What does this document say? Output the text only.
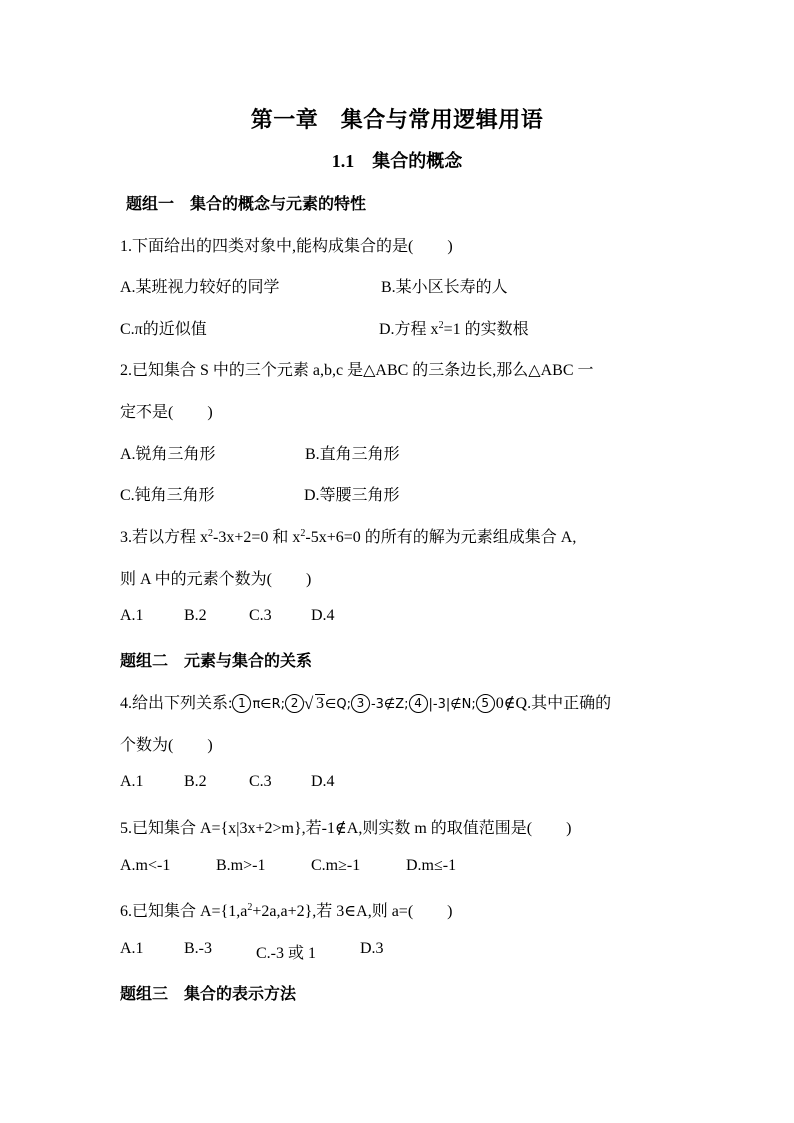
第一章　集合与常用逻辑用语
1.1　集合的概念
题组一　集合的概念与元素的特性
1.下面给出的四类对象中,能构成集合的是( )
A.某班视力较好的同学	B.某小区长寿的人
C.π的近似值	D.方程 $x^2=1$ 的实数根
2.已知集合 S 中的三个元素 a,b,c 是△ABC 的三条边长,那么△ABC 一
定不是( )
A.锐角三角形	B.直角三角形
C.钝角三角形	D.等腰三角形
3.若以方程 $x^2-3x+2=0$ 和 $x^2-5x+6=0$ 的所有的解为元素组成集合 A,
则 A 中的元素个数为( )
A.1	B.2	C.3 D.4
题组二　元素与集合的关系
4.给出下列关系: 1 π∈R; 2√ 3∈Q; 3 -3∉Z; 4 |-3|∉N; 5 0∉Q.其中正确的
个数为( )
A.1	B.2	C.3 D.4
5.已知集合 A={x|3x+2>m},若-1∉A,则实数 m 的取值范围是( )
A.m<-1	B.m>-1	C.m≥-1	D.m≤-1
6.已知集合 $A=\{1,a^2+2a,a+2\}$,若 3∈A,则 a=( )
A.1	B.-3	C.-3 或 1	D.3
题组三　集合的表示方法
